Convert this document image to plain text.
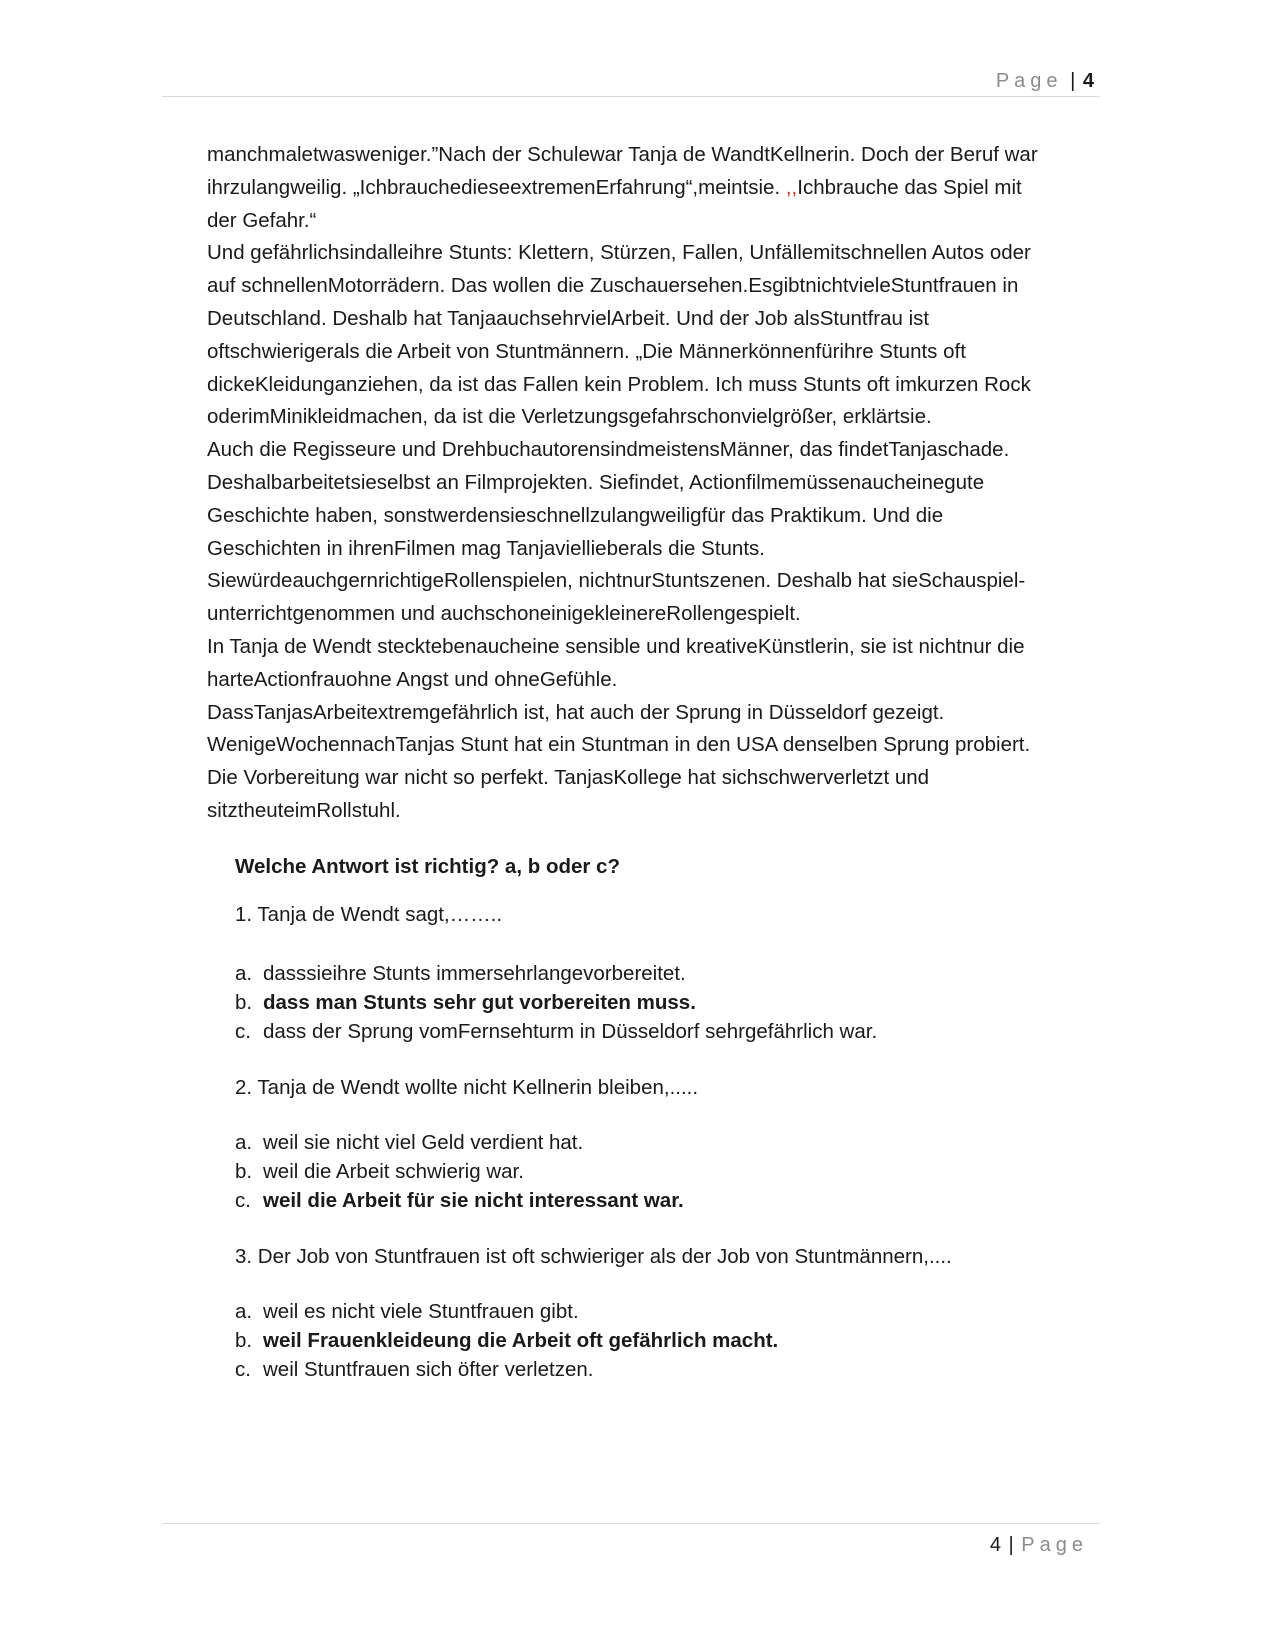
Page | 4
manchmaletwasweniger.”Nach der Schulewar Tanja de WandtKellnerin. Doch der Beruf war
ihrzulangweilig. „IchbrauchedieseextremenErfahrung“,meintsie. ,,Ichbrauche das Spiel mit
der Gefahr.“
Und gefährlichsindalleihre Stunts: Klettern, Stürzen, Fallen, Unfällemitschnellen Autos oder
auf schnellenMotorrädern. Das wollen die Zuschauersehen.EsgibtnichtvieleStuntfrauen in
Deutschland. Deshalb hat TanjaauchsehrvielArbeit. Und der Job alsStuntfrau ist
oftschwierigerals die Arbeit von Stuntmännern. „Die Männerkönnenfürihre Stunts oft
dickeKleidunganziehen, da ist das Fallen kein Problem. Ich muss Stunts oft imkurzen Rock
oderimMinikleidmachen, da ist die Verletzungsgefahrschonvielgrößer, erklärtsie.
Auch die Regisseure und DrehbuchautorensindmeistensMänner, das findetTanjaschade.
Deshalbarbeitetsieselbst an Filmprojekten. Siefindet, Actionfilmemüssenaucheinegute
Geschichte haben, sonstwerdensieschnellzulangweiligfür das Praktikum. Und die
Geschichten in ihrenFilmen mag Tanjaviellieberals die Stunts.
SiewürdeauchgernrichtigeRollenspielen, nichtnurStuntszenen. Deshalb hat sieSchauspiel-
unterrichtgenommen und auchschoneinigekleinereRollengespielt.
In Tanja de Wendt stecktebenaucheine sensible und kreativeKünstlerin, sie ist nichtnur die
harteActionfrauohne Angst und ohneGefühle.
DassTanjasArbeitextremgefährlich ist, hat auch der Sprung in Düsseldorf gezeigt.
WenigeWochennachTanjas Stunt hat ein Stuntman in den USA denselben Sprung probiert.
Die Vorbereitung war nicht so perfekt. TanjasKollege hat sichschwerverletzt und
sitztheuteimRollstuhl.
Welche Antwort ist richtig? a, b oder c?
1. Tanja de Wendt sagt,……..
a. dasssieihre Stunts immersehrlangevorbereitet.
b. dass man Stunts sehr gut vorbereiten muss.
c. dass der Sprung vomFernsehturm in Düsseldorf sehrgefährlich war.
2. Tanja de Wendt wollte nicht Kellnerin bleiben,.....
a. weil sie nicht viel Geld verdient hat.
b. weil die Arbeit schwierig war.
c. weil die Arbeit für sie nicht interessant war.
3. Der Job von Stuntfrauen ist oft schwieriger als der Job von Stuntmännern,....
a. weil es nicht viele Stuntfrauen gibt.
b. weil Frauenkleideung die Arbeit oft gefährlich macht.
c. weil Stuntfrauen sich öfter verletzen.
4 | Page
